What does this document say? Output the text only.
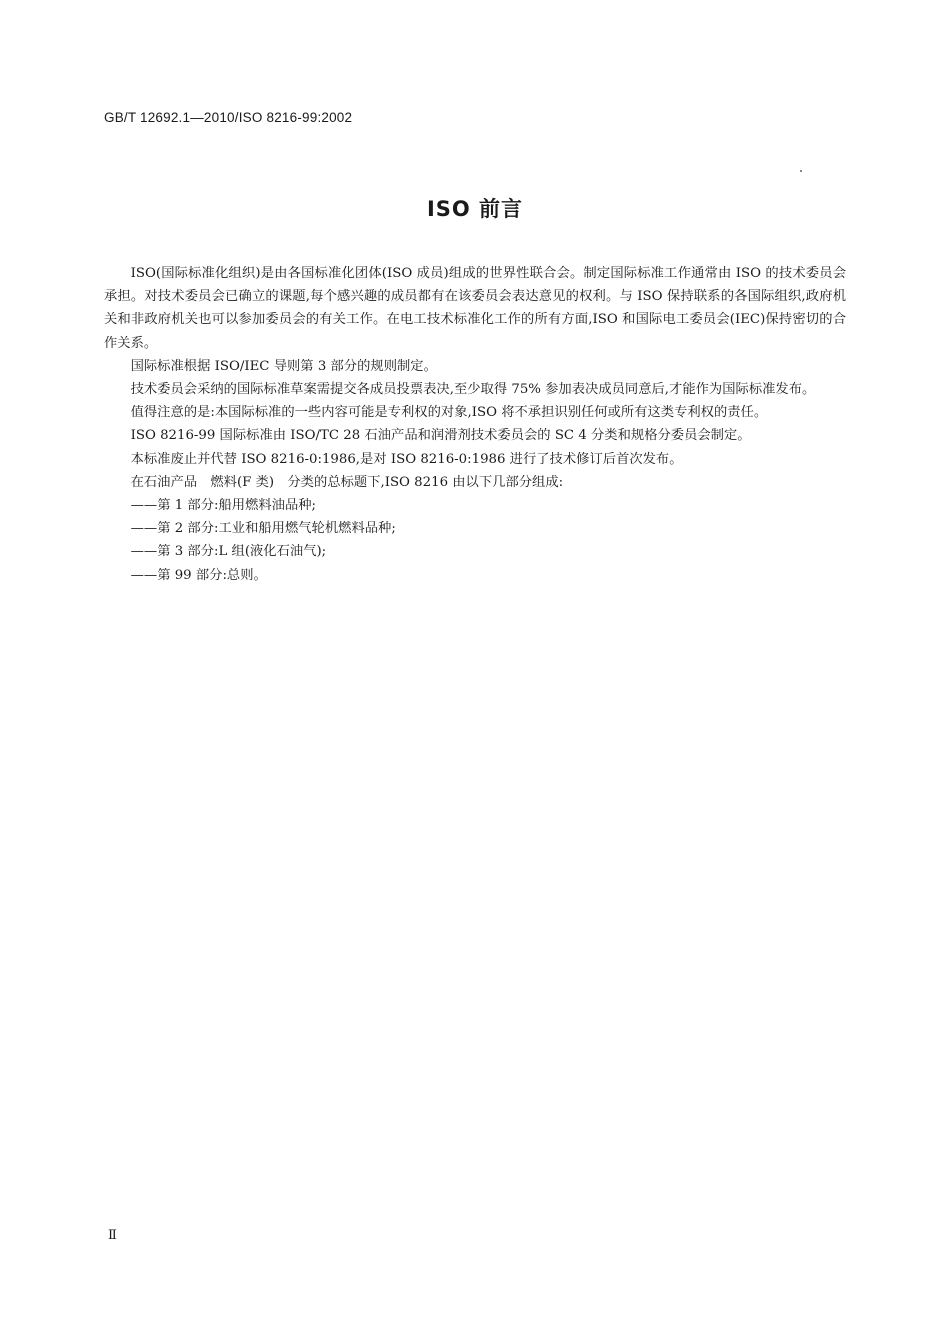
GB/T 12692.1—2010/ISO 8216-99:2002
ISO 前言

ISO(国际标准化组织)是由各国标准化团体(ISO 成员)组成的世界性联合会。制定国际标准工作通常由 ISO 的技术委员会承担。对技术委员会已确立的课题,每个感兴趣的成员都有在该委员会表达意见的权利。与 ISO 保持联系的各国际组织,政府机关和非政府机关也可以参加委员会的有关工作。在电工技术标准化工作的所有方面,ISO 和国际电工委员会(IEC)保持密切的合作关系。

国际标准根据 ISO/IEC 导则第 3 部分的规则制定。

技术委员会采纳的国际标准草案需提交各成员投票表决,至少取得 75% 参加表决成员同意后,才能作为国际标准发布。

值得注意的是:本国际标准的一些内容可能是专利权的对象,ISO 将不承担识别任何或所有这类专利权的责任。

ISO 8216-99 国际标准由 ISO/TC 28 石油产品和润滑剂技术委员会的 SC 4 分类和规格分委员会制定。

本标准废止并代替 ISO 8216-0:1986,是对 ISO 8216-0:1986 进行了技术修订后首次发布。

在石油产品　燃料(F 类)　分类的总标题下,ISO 8216 由以下几部分组成:

——第 1 部分:船用燃料油品种;

——第 2 部分:工业和船用燃气轮机燃料品种;

——第 3 部分:L 组(液化石油气);

——第 99 部分:总则。

Ⅱ
